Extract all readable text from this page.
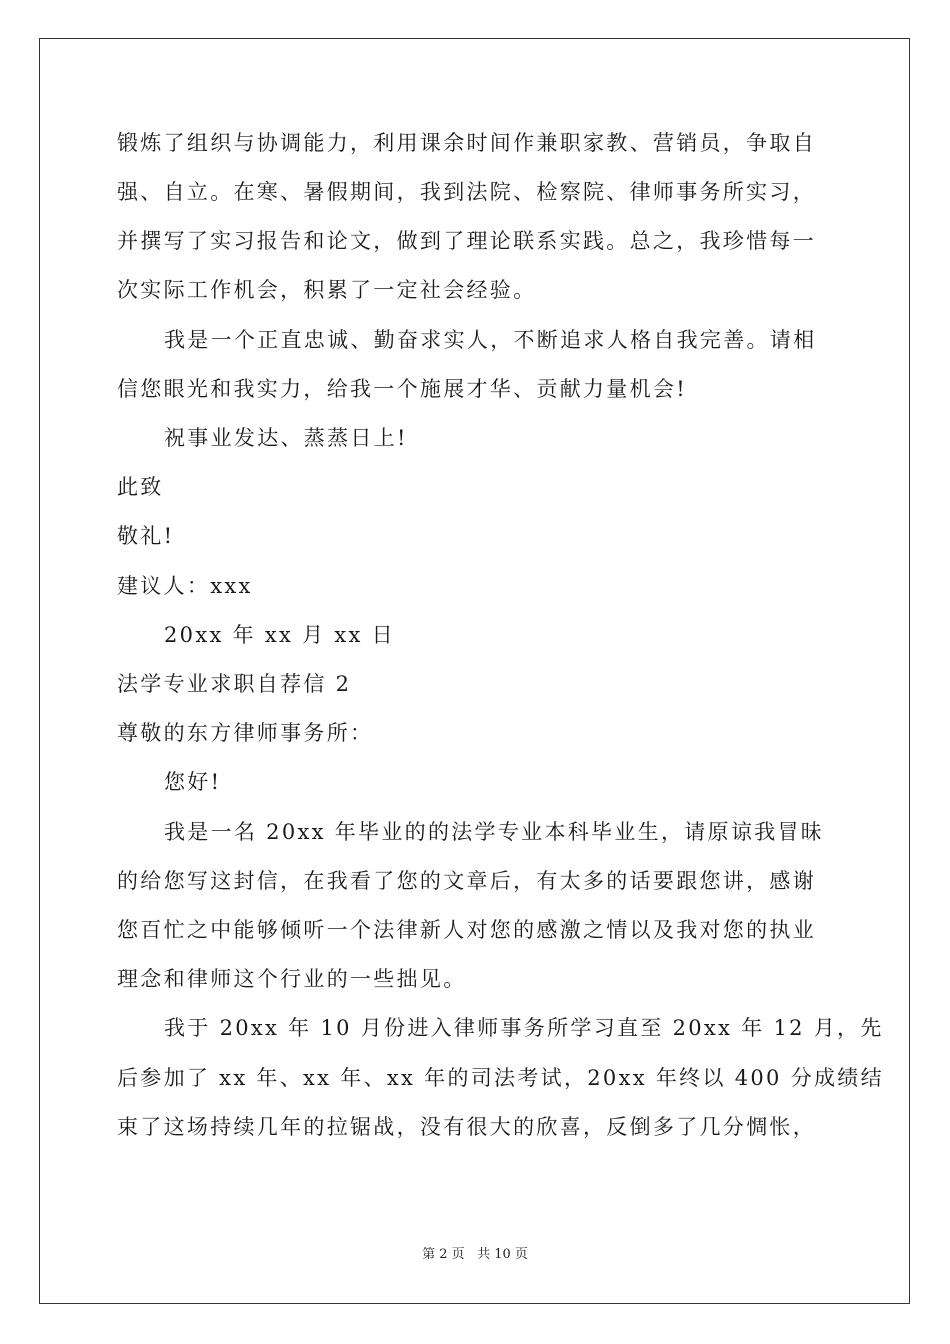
锻炼了组织与协调能力，利用课余时间作兼职家教、营销员，争取自
强、自立。在寒、暑假期间，我到法院、检察院、律师事务所实习，
并撰写了实习报告和论文，做到了理论联系实践。总之，我珍惜每一
次实际工作机会，积累了一定社会经验。
我是一个正直忠诚、勤奋求实人，不断追求人格自我完善。请相
信您眼光和我实力，给我一个施展才华、贡献力量机会!
祝事业发达、蒸蒸日上!
此致
敬礼!
建议人：xxx
20xx 年 xx 月 xx 日
法学专业求职自荐信 2
尊敬的东方律师事务所：
您好!
我是一名 20xx 年毕业的的法学专业本科毕业生，请原谅我冒昧
的给您写这封信，在我看了您的文章后，有太多的话要跟您讲，感谢
您百忙之中能够倾听一个法律新人对您的感激之情以及我对您的执业
理念和律师这个行业的一些拙见。
我于 20xx 年 10 月份进入律师事务所学习直至 20xx 年 12 月，先
后参加了 xx 年、xx 年、xx 年的司法考试，20xx 年终以 400 分成绩结
束了这场持续几年的拉锯战，没有很大的欣喜，反倒多了几分惆怅，
第 2 页 共 10 页
